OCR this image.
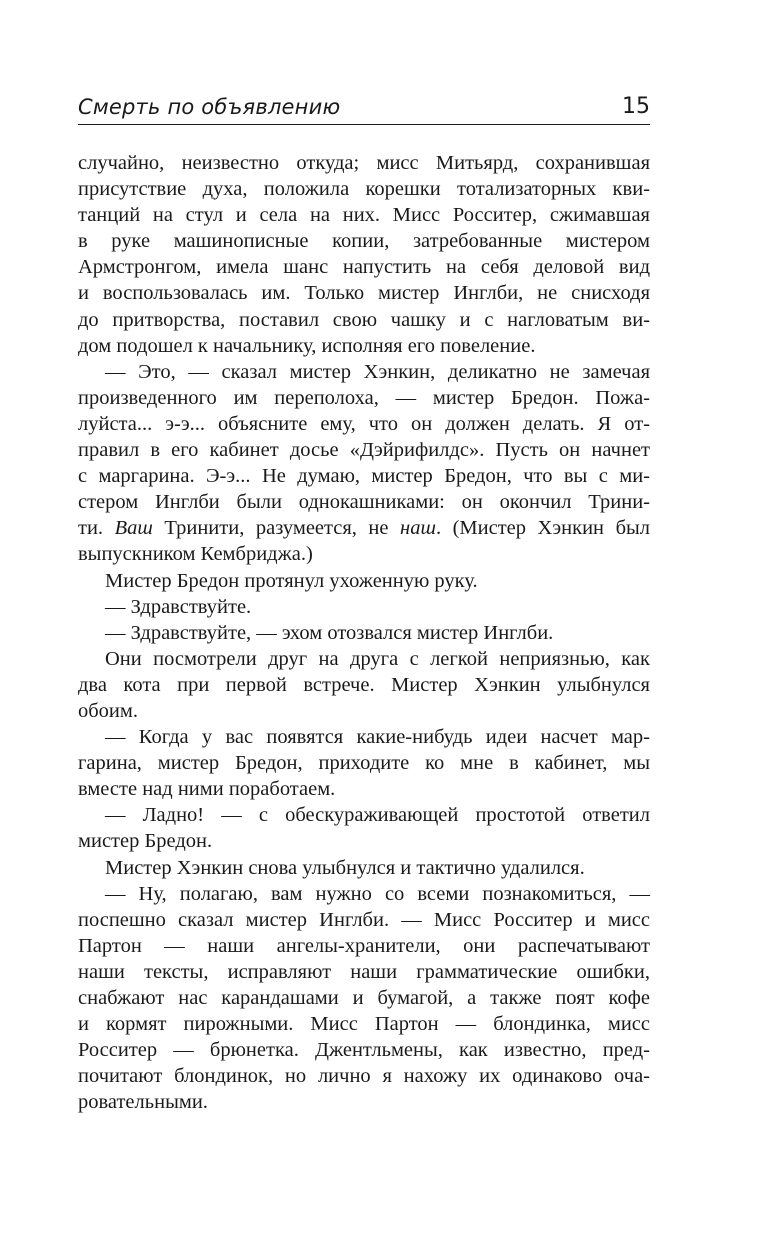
Смерть по объявлению	15
случайно, неизвестно откуда; мисс Митьярд, сохранившая
присутствие духа, положила корешки тотализаторных кви-
танций на стул и села на них. Мисс Росситер, сжимавшая
в руке машинописные копии, затребованные мистером
Армстронгом, имела шанс напустить на себя деловой вид
и воспользовалась им. Только мистер Инглби, не снисходя
до притворства, поставил свою чашку и с нагловатым ви-
дом подошел к начальнику, исполняя его повеление.
— Это, — сказал мистер Хэнкин, деликатно не замечая
произведенного им переполоха, — мистер Бредон. Пожа-
луйста... э-э... объясните ему, что он должен делать. Я от-
правил в его кабинет досье «Дэйрифилдс». Пусть он начнет
с маргарина. Э-э... Не думаю, мистер Бредон, что вы с ми-
стером Инглби были однокашниками: он окончил Трини-
ти. Ваш Тринити, разумеется, не наш. (Мистер Хэнкин был
выпускником Кембриджа.)
Мистер Бредон протянул ухоженную руку.
— Здравствуйте.
— Здравствуйте, — эхом отозвался мистер Инглби.
Они посмотрели друг на друга с легкой неприязнью, как
два кота при первой встрече. Мистер Хэнкин улыбнулся
обоим.
— Когда у вас появятся какие-нибудь идеи насчет мар-
гарина, мистер Бредон, приходите ко мне в кабинет, мы
вместе над ними поработаем.
— Ладно! — с обескураживающей простотой ответил
мистер Бредон.
Мистер Хэнкин снова улыбнулся и тактично удалился.
— Ну, полагаю, вам нужно со всеми познакомиться, —
поспешно сказал мистер Инглби. — Мисс Росситер и мисс
Партон — наши ангелы-хранители, они распечатывают
наши тексты, исправляют наши грамматические ошибки,
снабжают нас карандашами и бумагой, а также поят кофе
и кормят пирожными. Мисс Партон — блондинка, мисс
Росситер — брюнетка. Джентльмены, как известно, пред-
почитают блондинок, но лично я нахожу их одинаково оча-
ровательными.
